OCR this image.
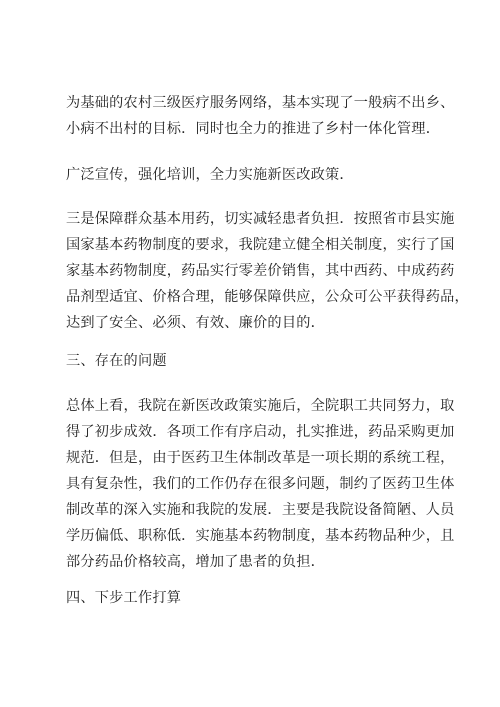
为基础的农村三级医疗服务网络，基本实现了一般病不出乡、
小病不出村的目标．同时也全力的推进了乡村一体化管理．
广泛宣传，强化培训，全力实施新医改政策．
三是保障群众基本用药，切实减轻患者负担．按照省市县实施
国家基本药物制度的要求，我院建立健全相关制度，实行了国
家基本药物制度，药品实行零差价销售，其中西药、中成药药
品剂型适宜、价格合理，能够保障供应，公众可公平获得药品，
达到了安全、必须、有效、廉价的目的．
三、存在的问题
总体上看，我院在新医改政策实施后，全院职工共同努力，取
得了初步成效．各项工作有序启动，扎实推进，药品采购更加
规范．但是，由于医药卫生体制改革是一项长期的系统工程，
具有复杂性，我们的工作仍存在很多问题，制约了医药卫生体
制改革的深入实施和我院的发展．主要是我院设备简陋、人员
学历偏低、职称低．实施基本药物制度，基本药物品种少，且
部分药品价格较高，增加了患者的负担．
四、下步工作打算
